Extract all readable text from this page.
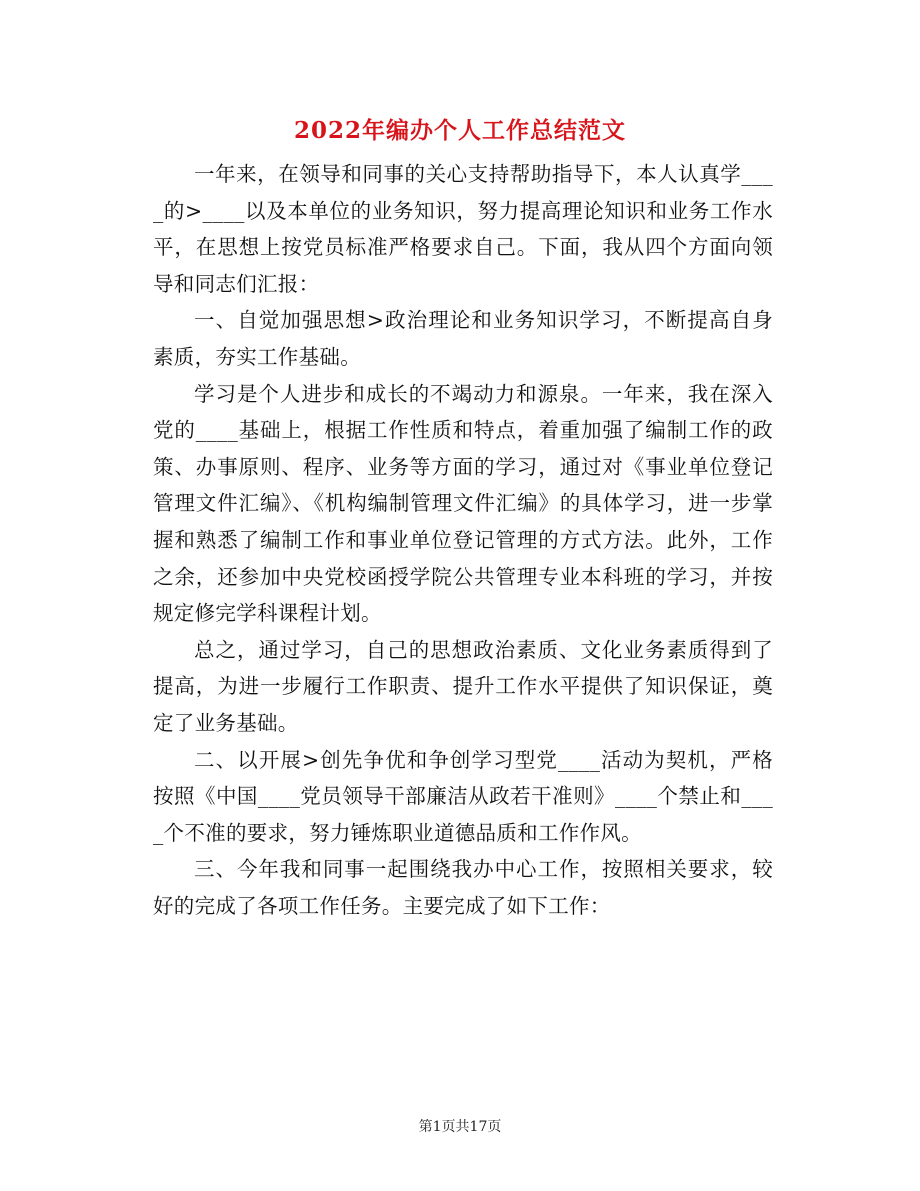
2022年编办个人工作总结范文

一年来，在领导和同事的关心支持帮助指导下，本人认真学____的>____以及本单位的业务知识，努力提高理论知识和业务工作水平，在思想上按党员标准严格要求自己。下面，我从四个方面向领导和同志们汇报：

一、自觉加强思想>政治理论和业务知识学习，不断提高自身素质，夯实工作基础。

学习是个人进步和成长的不竭动力和源泉。一年来，我在深入党的____基础上，根据工作性质和特点，着重加强了编制工作的政策、办事原则、程序、业务等方面的学习，通过对《事业单位登记管理文件汇编》、《机构编制管理文件汇编》的具体学习，进一步掌握和熟悉了编制工作和事业单位登记管理的方式方法。此外，工作之余，还参加中央党校函授学院公共管理专业本科班的学习，并按规定修完学科课程计划。

总之，通过学习，自己的思想政治素质、文化业务素质得到了提高，为进一步履行工作职责、提升工作水平提供了知识保证，奠定了业务基础。

二、以开展>创先争优和争创学习型党____活动为契机，严格按照《中国____党员领导干部廉洁从政若干准则》____个禁止和____个不准的要求，努力锤炼职业道德品质和工作作风。

三、今年我和同事一起围绕我办中心工作，按照相关要求，较好的完成了各项工作任务。主要完成了如下工作：

第1页共17页
